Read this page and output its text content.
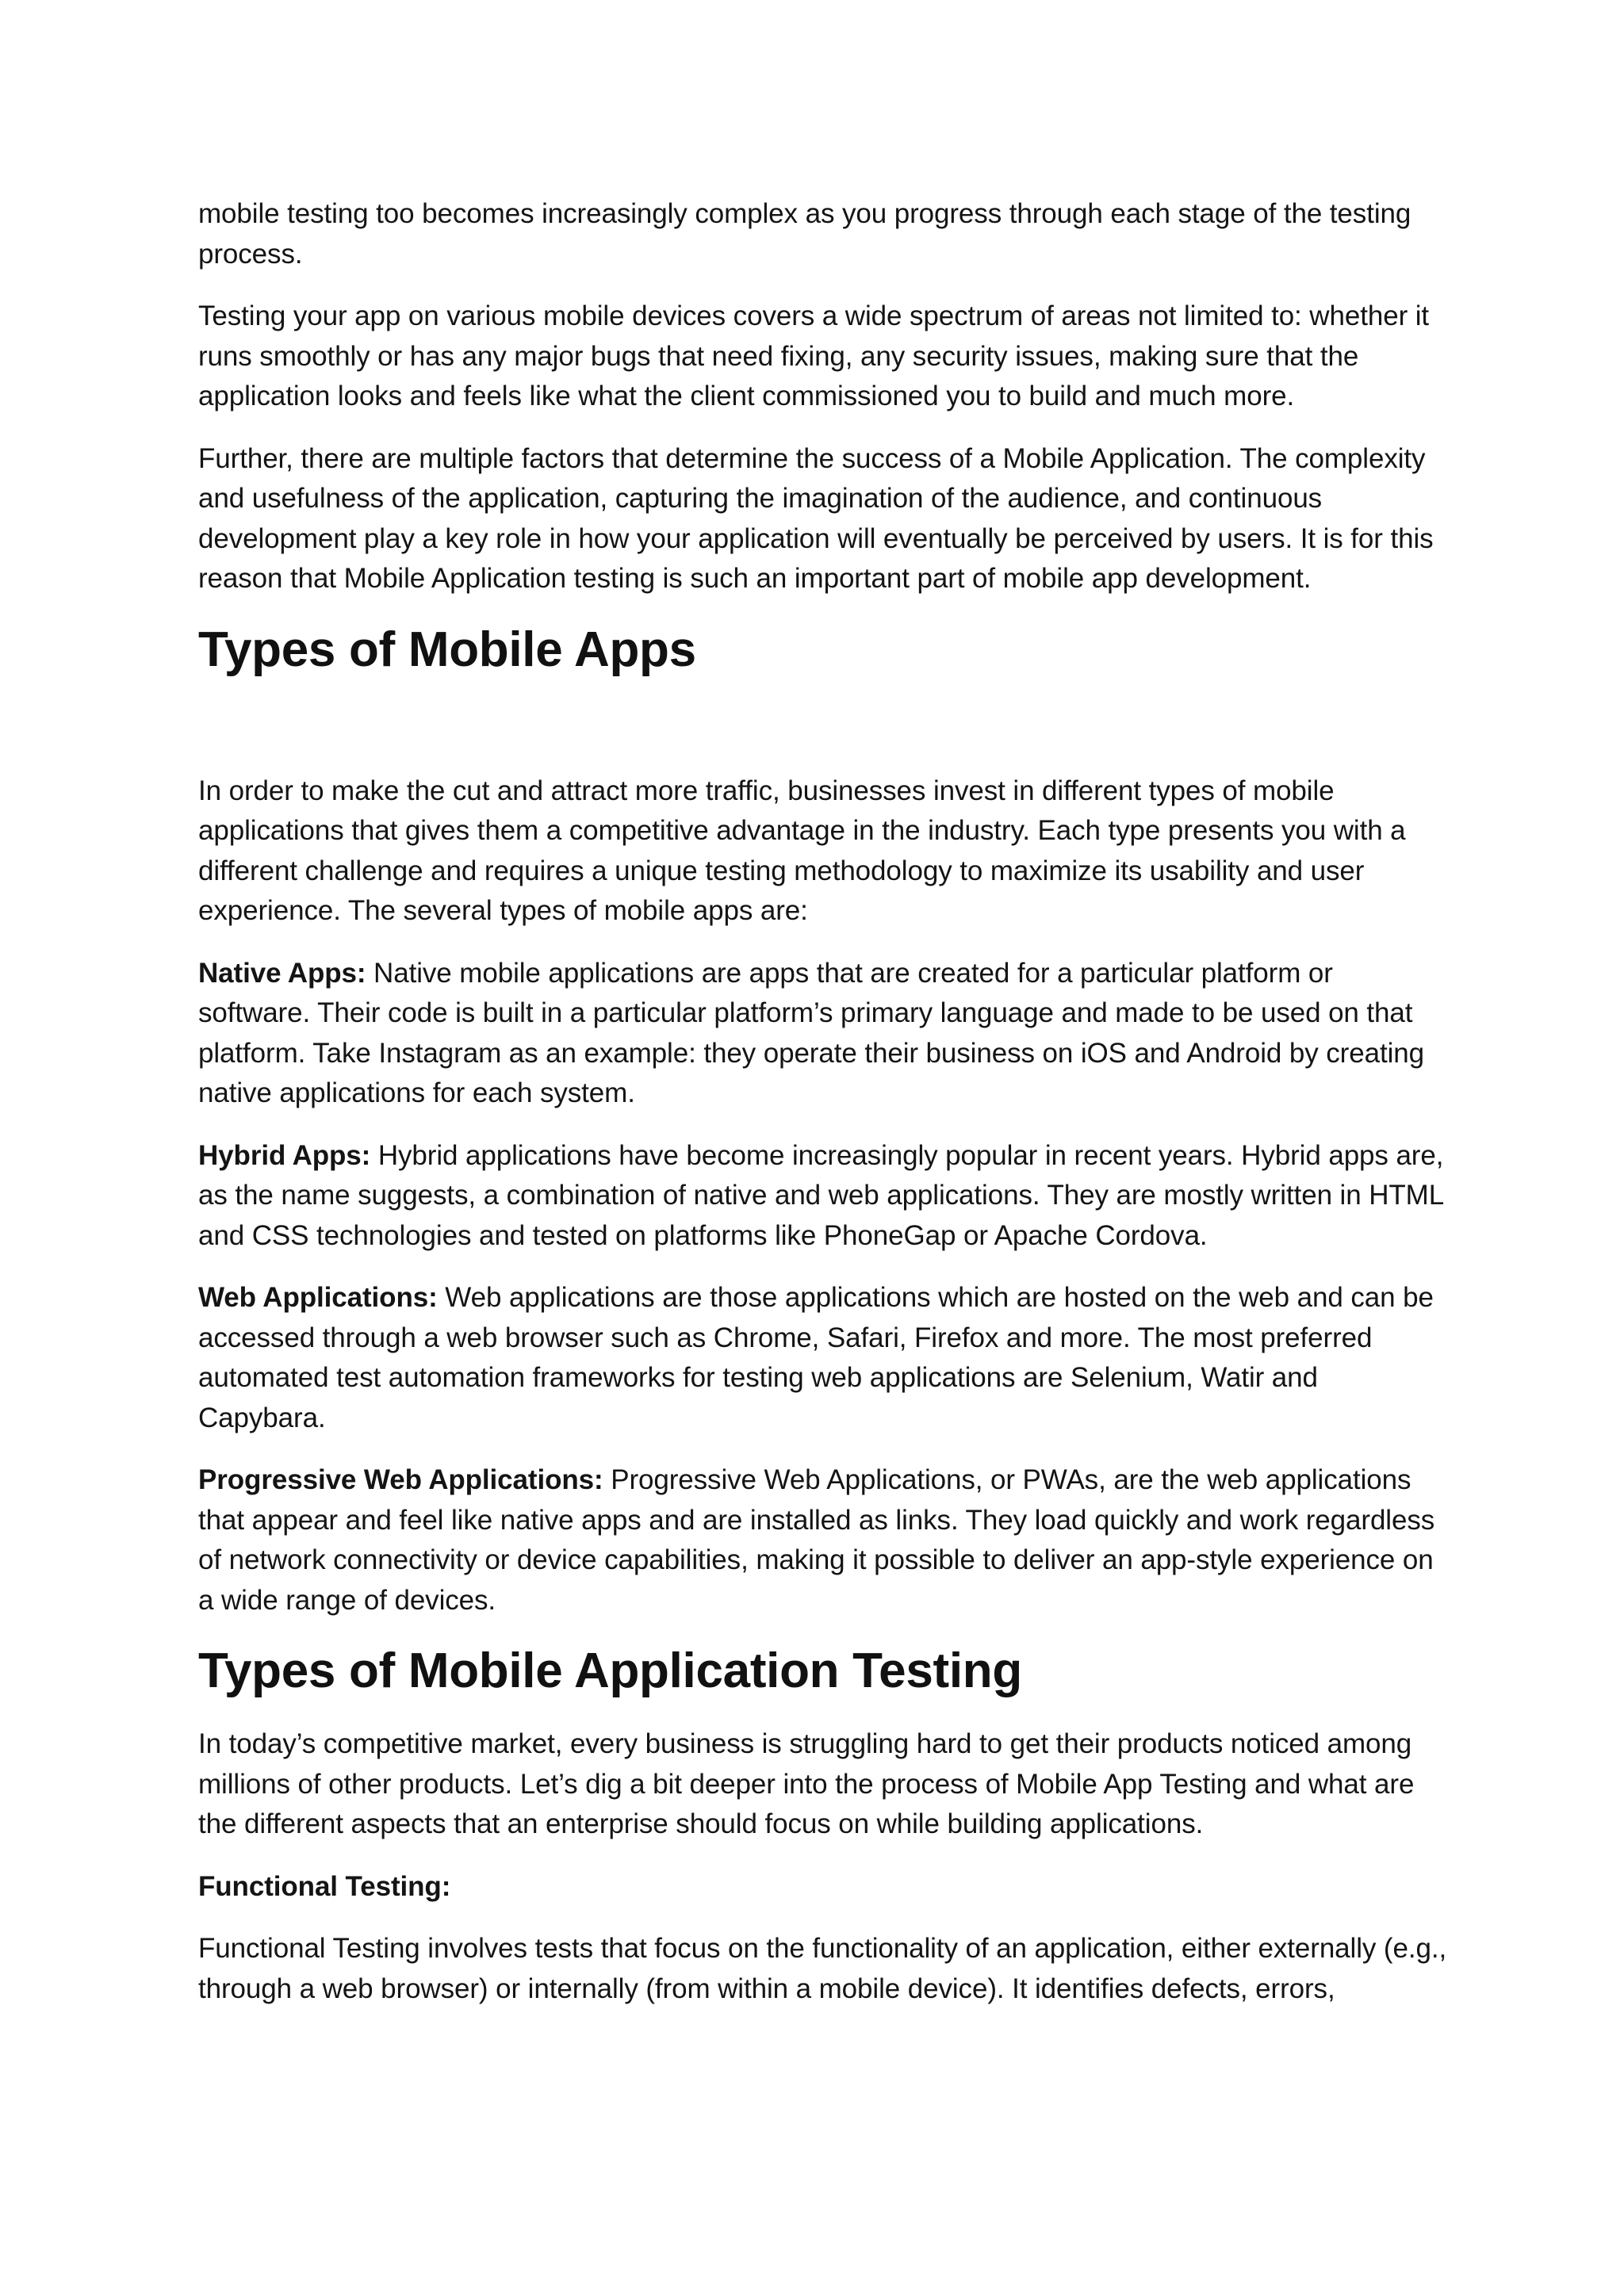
mobile testing too becomes increasingly complex as you progress through each stage of the testing process.

Testing your app on various mobile devices covers a wide spectrum of areas not limited to: whether it runs smoothly or has any major bugs that need fixing, any security issues, making sure that the application looks and feels like what the client commissioned you to build and much more.

Further, there are multiple factors that determine the success of a Mobile Application. The complexity and usefulness of the application, capturing the imagination of the audience, and continuous development play a key role in how your application will eventually be perceived by users. It is for this reason that Mobile Application testing is such an important part of mobile app development.

Types of Mobile Apps

In order to make the cut and attract more traffic, businesses invest in different types of mobile applications that gives them a competitive advantage in the industry. Each type presents you with a different challenge and requires a unique testing methodology to maximize its usability and user experience. The several types of mobile apps are:

Native Apps: Native mobile applications are apps that are created for a particular platform or software. Their code is built in a particular platform’s primary language and made to be used on that platform. Take Instagram as an example: they operate their business on iOS and Android by creating native applications for each system.

Hybrid Apps: Hybrid applications have become increasingly popular in recent years. Hybrid apps are, as the name suggests, a combination of native and web applications. They are mostly written in HTML and CSS technologies and tested on platforms like PhoneGap or Apache Cordova.

Web Applications: Web applications are those applications which are hosted on the web and can be accessed through a web browser such as Chrome, Safari, Firefox and more. The most preferred automated test automation frameworks for testing web applications are Selenium, Watir and Capybara.

Progressive Web Applications: Progressive Web Applications, or PWAs, are the web applications that appear and feel like native apps and are installed as links. They load quickly and work regardless of network connectivity or device capabilities, making it possible to deliver an app-style experience on a wide range of devices.

Types of Mobile Application Testing

In today’s competitive market, every business is struggling hard to get their products noticed among millions of other products. Let’s dig a bit deeper into the process of Mobile App Testing and what are the different aspects that an enterprise should focus on while building applications.

Functional Testing:

Functional Testing involves tests that focus on the functionality of an application, either externally (e.g., through a web browser) or internally (from within a mobile device). It identifies defects, errors,
